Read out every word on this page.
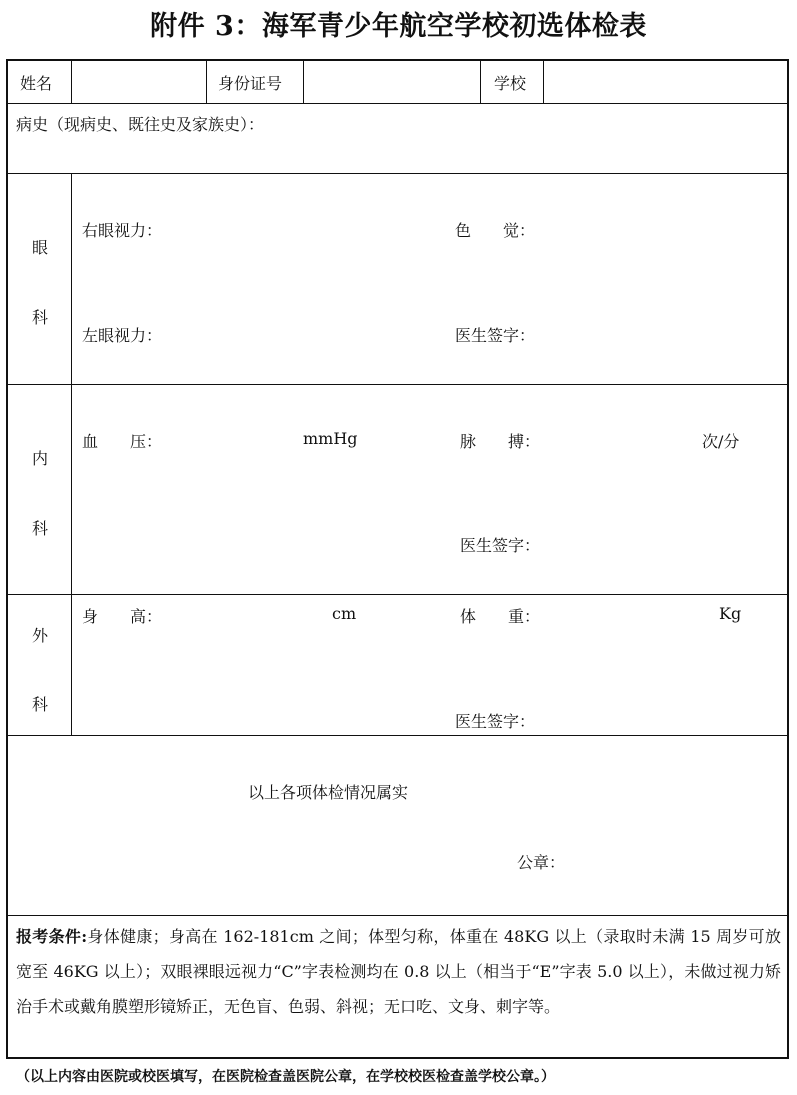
附件 3：海军青少年航空学校初选体检表
姓名	身份证号	学校
病史（现病史、既往史及家族史）：
眼
科
右眼视力：	色　　觉：
左眼视力：	医生签字：
内
科
血　　压：	mmHg	脉　　搏：	次/分
医生签字：
外
科
身　　高：	cm	体　　重：	Kg
医生签字：
以上各项体检情况属实
公章：
报考条件:身体健康；身高在 162-181cm 之间；体型匀称，体重在 48KG 以上（录取时未满 15 周岁可放宽至 46KG 以上）；双眼裸眼远视力“C”字表检测均在 0.8 以上（相当于“E”字表 5.0 以上），未做过视力矫治手术或戴角膜塑形镜矫正，无色盲、色弱、斜视；无口吃、文身、刺字等。
（以上内容由医院或校医填写，在医院检查盖医院公章，在学校校医检查盖学校公章。）
